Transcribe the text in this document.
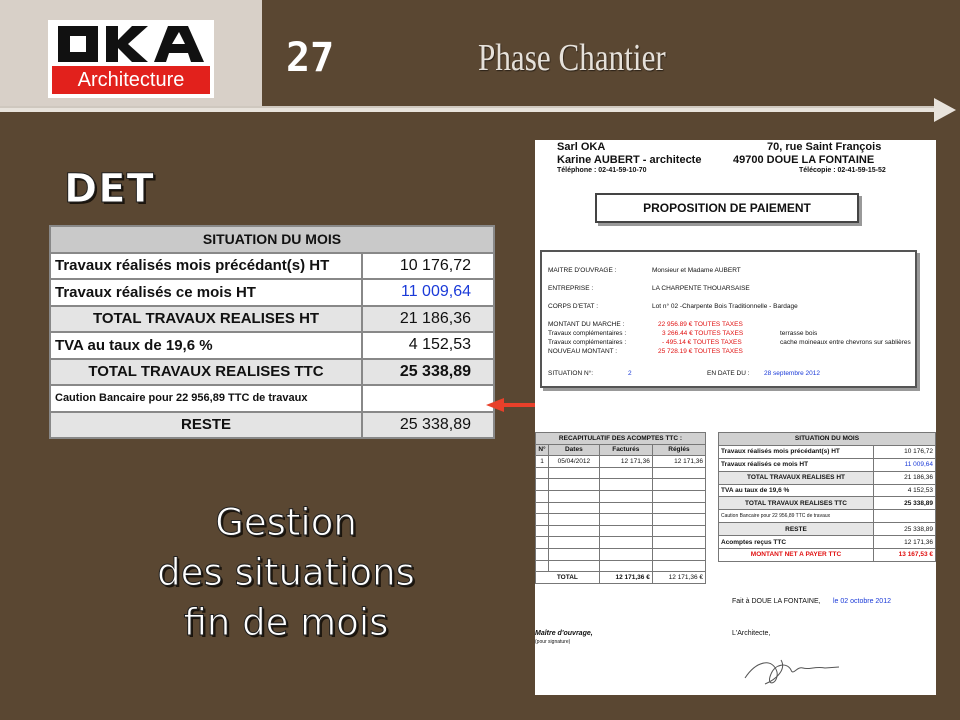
Architecture	27	Phase Chantier
DET
SITUATION DU MOIS	
Travaux réalisés mois précédant(s) HT	10 176,72
Travaux réalisés ce mois HT	11 009,64
TOTAL TRAVAUX REALISES HT	21 186,36
TVA au taux de 19,6 %	4 152,53
TOTAL TRAVAUX REALISES TTC	25 338,89
Caution Bancaire pour 22 956,89 TTC de travaux	
RESTE	25 338,89
Gestion
des situations
fin de mois
Sarl OKA	70, rue Saint François
Karine AUBERT - architecte	49700 DOUE LA FONTAINE
Téléphone : 02-41-59-10-70	Télécopie : 02-41-59-15-52
PROPOSITION DE PAIEMENT
MAITRE D'OUVRAGE :	Monsieur et Madame AUBERT
ENTREPRISE :	LA CHARPENTE THOUARSAISE
CORPS D'ETAT :	Lot n° 02 -Charpente Bois Traditionnelle - Bardage
MONTANT DU MARCHE :	22 956.89 € TOUTES TAXES
Travaux complémentaires :	3 266.44 € TOUTES TAXES	terrasse bois
Travaux complémentaires :	- 495.14 € TOUTES TAXES	cache moineaux entre chevrons sur sablières
NOUVEAU MONTANT :	25 728.19 € TOUTES TAXES
SITUATION N°:	2	EN DATE DU : 28 septembre 2012
RECAPITULATIF DES ACOMPTES TTC :			
N°	Dates	Facturés	Réglés
1	05/04/2012	12 171,36	12 171,36

TOTAL		12 171,36 €	12 171,36 €
SITUATION DU MOIS	
Travaux réalisés mois précédant(s) HT	10 176,72
Travaux réalisés ce mois HT	11 009,64
TOTAL TRAVAUX REALISES HT	21 186,36
TVA au taux de 19,6 %	4 152,53
TOTAL TRAVAUX REALISES TTC	25 338,89
Caution Bancaire pour 22 956,89 TTC de travaux	
RESTE	25 338,89
Acomptes reçus TTC	12 171,36
MONTANT NET A PAYER TTC	13 167,53 €
Fait à DOUE LA FONTAINE, le 02 octobre 2012
Maître d'ouvrage,
(pour signature)
L'Architecte,
